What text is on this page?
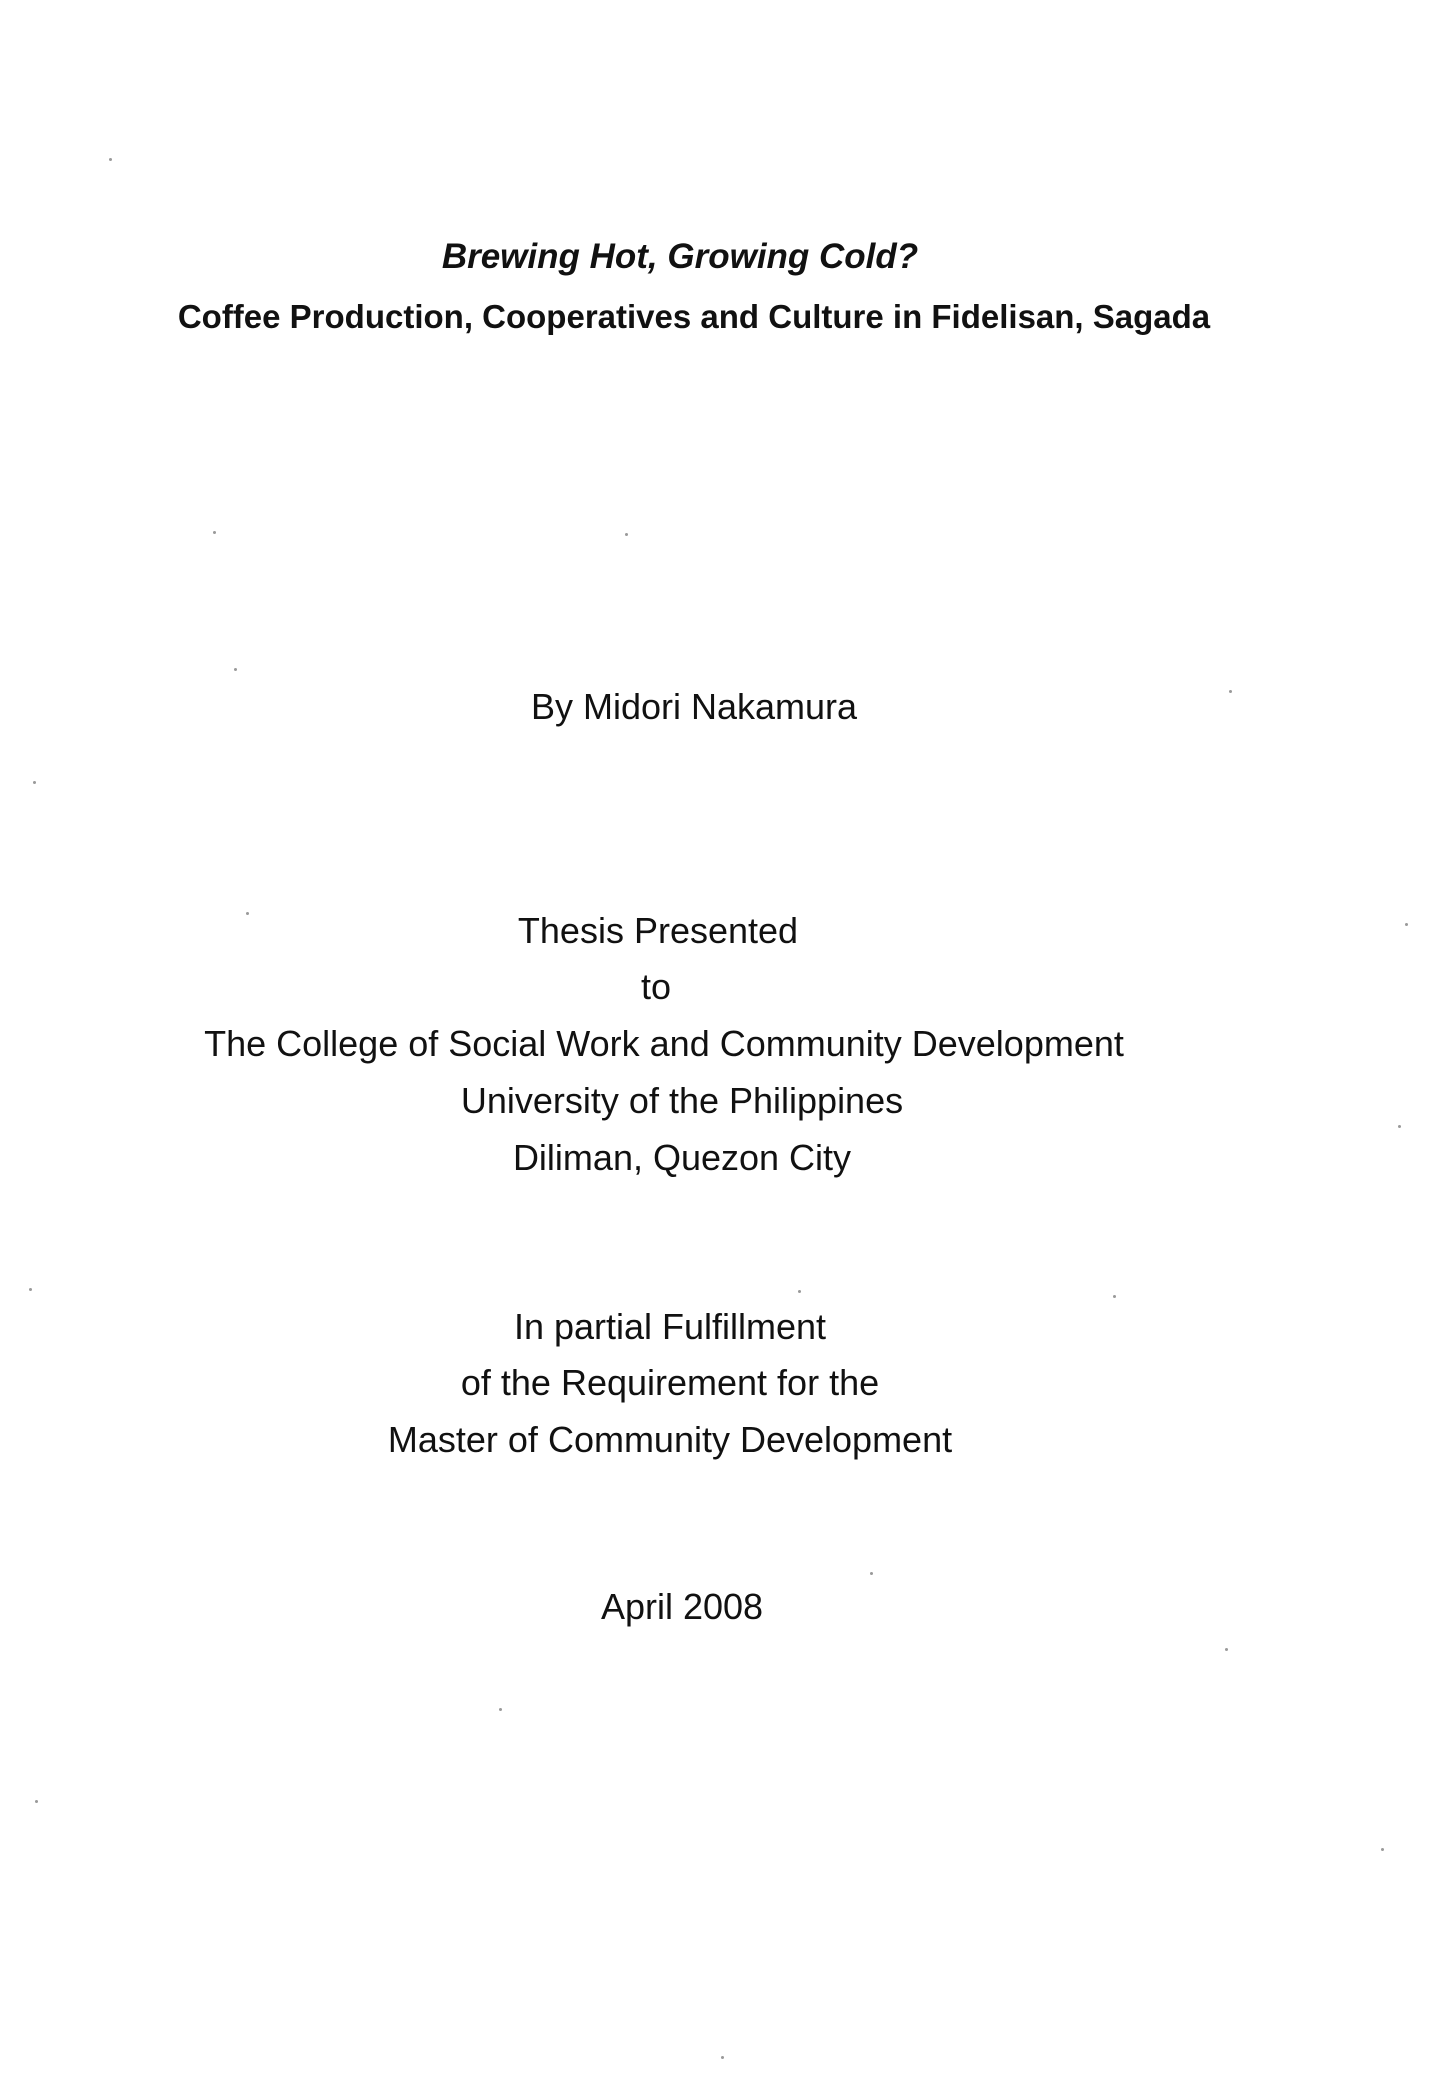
Brewing Hot, Growing Cold?
Coffee Production, Cooperatives and Culture in Fidelisan, Sagada
By Midori Nakamura
Thesis Presented
to
The College of Social Work and Community Development
University of the Philippines
Diliman, Quezon City
In partial Fulfillment
of the Requirement for the
Master of Community Development
April 2008
